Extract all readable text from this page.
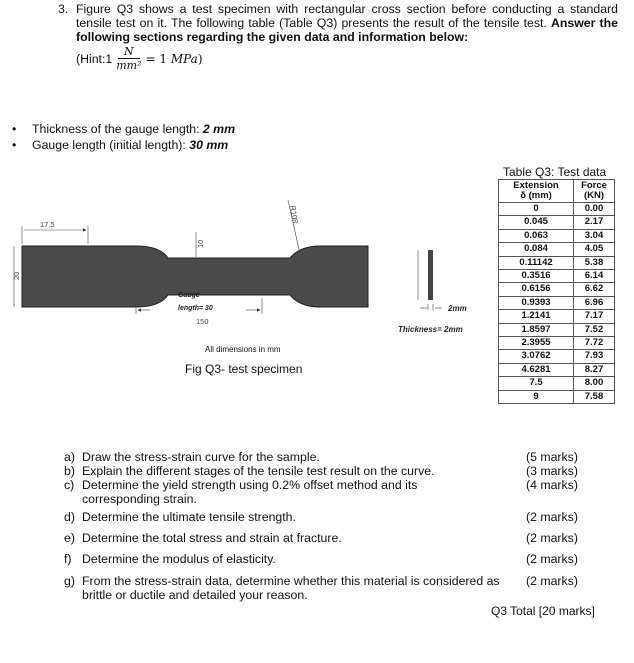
3. Figure Q3 shows a test specimen with rectangular cross section before conducting a standard tensile test on it. The following table (Table Q3) presents the result of the tensile test. Answer the following sections regarding the given data and information below:
(Hint:1 $\frac{N}{\text{mm²}} = 1$ MPa)
•	Thickness of the gauge length: 2 mm
•	Gauge length (initial length): 30 mm
17.5
10
R108
20
Gauge
length= 30
150
2mm
Thickness= 2mm
All dimensions in mm
Fig Q3- test specimen
Table Q3: Test data
Extension
δ (mm)	Force
(KN)
0	0.00
0.045	2.17
0.063	3.04
0.084	4.05
0.11142	5.38
0.3516	6.14
0.6156	6.62
0.9393	6.96
1.2141	7.17
1.8597	7.52
2.3955	7.72
3.0762	7.93
4.6281	8.27
7.5	8.00
9	7.58
a) Draw the stress-strain curve for the sample.	(5 marks)
b) Explain the different stages of the tensile test result on the curve.	(3 marks)
c) Determine the yield strength using 0.2% offset method and its corresponding strain.
(4 marks)
d) Determine the ultimate tensile strength.	(2 marks)
e) Determine the total stress and strain at fracture.	(2 marks)
f) Determine the modulus of elasticity.	(2 marks)
g) From the stress-strain data, determine whether this material is considered as brittle or ductile and detailed your reason.
(2 marks)
Q3 Total [20 marks]
